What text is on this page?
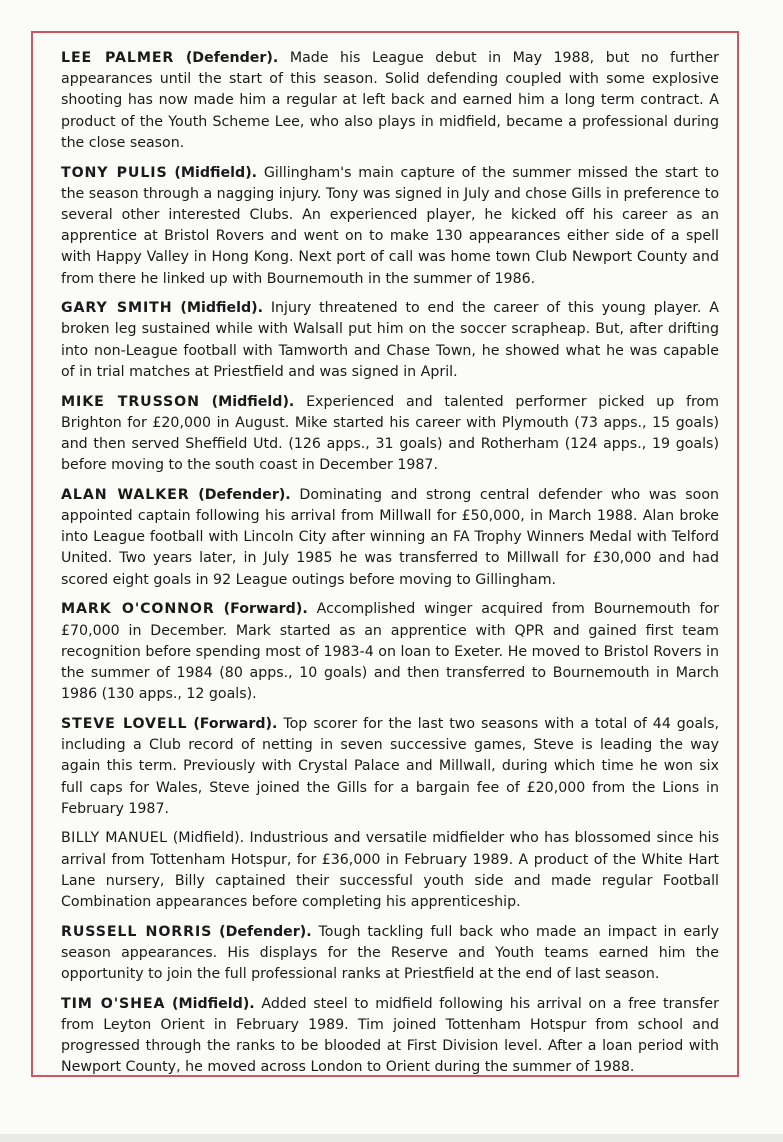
LEE PALMER (Defender). Made his League debut in May 1988, but no further appearances until the start of this season. Solid defending coupled with some explosive shooting has now made him a regular at left back and earned him a long term contract. A product of the Youth Scheme Lee, who also plays in midfield, became a professional during the close season.

TONY PULIS (Midfield). Gillingham's main capture of the summer missed the start to the season through a nagging injury. Tony was signed in July and chose Gills in preference to several other interested Clubs. An experienced player, he kicked off his career as an apprentice at Bristol Rovers and went on to make 130 appearances either side of a spell with Happy Valley in Hong Kong. Next port of call was home town Club Newport County and from there he linked up with Bournemouth in the summer of 1986.

GARY SMITH (Midfield). Injury threatened to end the career of this young player. A broken leg sustained while with Walsall put him on the soccer scrapheap. But, after drifting into non-League football with Tamworth and Chase Town, he showed what he was capable of in trial matches at Priestfield and was signed in April.

MIKE TRUSSON (Midfield). Experienced and talented performer picked up from Brighton for £20,000 in August. Mike started his career with Plymouth (73 apps., 15 goals) and then served Sheffield Utd. (126 apps., 31 goals) and Rotherham (124 apps., 19 goals) before moving to the south coast in December 1987.

ALAN WALKER (Defender). Dominating and strong central defender who was soon appointed captain following his arrival from Millwall for £50,000, in March 1988. Alan broke into League football with Lincoln City after winning an FA Trophy Winners Medal with Telford United. Two years later, in July 1985 he was transferred to Millwall for £30,000 and had scored eight goals in 92 League outings before moving to Gillingham.

MARK O'CONNOR (Forward). Accomplished winger acquired from Bournemouth for £70,000 in December. Mark started as an apprentice with QPR and gained first team recognition before spending most of 1983-4 on loan to Exeter. He moved to Bristol Rovers in the summer of 1984 (80 apps., 10 goals) and then transferred to Bournemouth in March 1986 (130 apps., 12 goals).

STEVE LOVELL (Forward). Top scorer for the last two seasons with a total of 44 goals, including a Club record of netting in seven successive games, Steve is leading the way again this term. Previously with Crystal Palace and Millwall, during which time he won six full caps for Wales, Steve joined the Gills for a bargain fee of £20,000 from the Lions in February 1987.

BILLY MANUEL (Midfield). Industrious and versatile midfielder who has blossomed since his arrival from Tottenham Hotspur, for £36,000 in February 1989. A product of the White Hart Lane nursery, Billy captained their successful youth side and made regular Football Combination appearances before completing his apprenticeship.

RUSSELL NORRIS (Defender). Tough tackling full back who made an impact in early season appearances. His displays for the Reserve and Youth teams earned him the opportunity to join the full professional ranks at Priestfield at the end of last season.

TIM O'SHEA (Midfield). Added steel to midfield following his arrival on a free transfer from Leyton Orient in February 1989. Tim joined Tottenham Hotspur from school and progressed through the ranks to be blooded at First Division level. After a loan period with Newport County, he moved across London to Orient during the summer of 1988.
